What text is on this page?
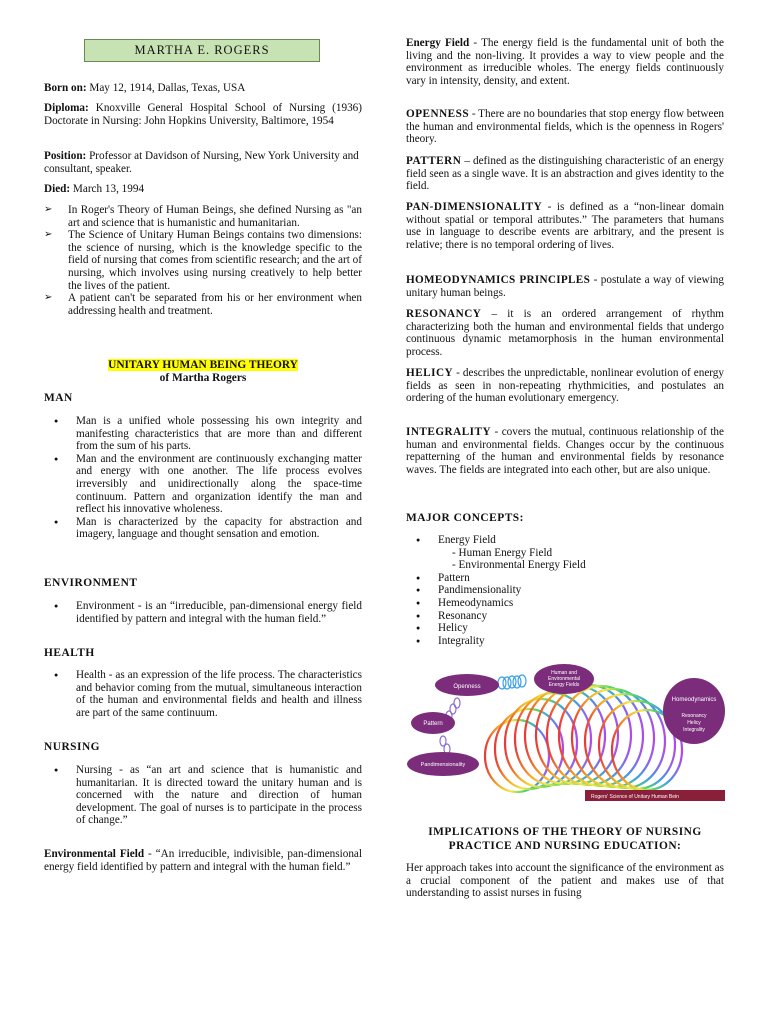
MARTHA E. ROGERS

Born on: May 12, 1914, Dallas, Texas, USA

Diploma: Knoxville General Hospital School of Nursing (1936) Doctorate in Nursing: John Hopkins University, Baltimore, 1954

Position: Professor at Davidson of Nursing, New York University and consultant, speaker.

Died: March 13, 1994

➢ In Roger's Theory of Human Beings, she defined Nursing as "an art and science that is humanistic and humanitarian.
➢ The Science of Unitary Human Beings contains two dimensions: the science of nursing, which is the knowledge specific to the field of nursing that comes from scientific research; and the art of nursing, which involves using nursing creatively to help better the lives of the patient.
➢ A patient can't be separated from his or her environment when addressing health and treatment.
UNITARY HUMAN BEING THEORY
of Martha Rogers
MAN
● Man is a unified whole possessing his own integrity and manifesting characteristics that are more than and different from the sum of his parts.
● Man and the environment are continuously exchanging matter and energy with one another. The life process evolves irreversibly and unidirectionally along the space-time continuum. Pattern and organization identify the man and reflect his innovative wholeness.
● Man is characterized by the capacity for abstraction and imagery, language and thought sensation and emotion.
ENVIRONMENT
● Environment - is an “irreducible, pan-dimensional energy field identified by pattern and integral with the human field.”
HEALTH
● Health - as an expression of the life process. The characteristics and behavior coming from the mutual, simultaneous interaction of the human and environmental fields and health and illness are part of the same continuum.
NURSING
● Nursing - as “an art and science that is humanistic and humanitarian. It is directed toward the unitary human and is concerned with the nature and direction of human development. The goal of nurses is to participate in the process of change.”

Environmental Field - “An irreducible, indivisible, pan-dimensional energy field identified by pattern and integral with the human field.”

Energy Field - The energy field is the fundamental unit of both the living and the non-living. It provides a way to view people and the environment as irreducible wholes. The energy fields continuously vary in intensity, density, and extent.

OPENNESS - There are no boundaries that stop energy flow between the human and environmental fields, which is the openness in Rogers' theory.

PATTERN – defined as the distinguishing characteristic of an energy field seen as a single wave. It is an abstraction and gives identity to the field.

PAN-DIMENSIONALITY - is defined as a “non-linear domain without spatial or temporal attributes.” The parameters that humans use in language to describe events are arbitrary, and the present is relative; there is no temporal ordering of lives.

HOMEODYNAMICS PRINCIPLES - postulate a way of viewing unitary human beings.

RESONANCY – it is an ordered arrangement of rhythm characterizing both the human and environmental fields that undergo continuous dynamic metamorphosis in the human environmental process.

HELICY - describes the unpredictable, nonlinear evolution of energy fields as seen in non-repeating rhythmicities, and postulates an ordering of the human evolutionary emergency.

INTEGRALITY - covers the mutual, continuous relationship of the human and environmental fields. Changes occur by the continuous repatterning of the human and environmental fields by resonance waves. The fields are integrated into each other, but are also unique.

MAJOR CONCEPTS:
● Energy Field
- Human Energy Field
- Environmental Energy Field
● Pattern
● Pandimensionality
● Hemeodynamics
● Resonancy
● Helicy
● Integrality
Openness
Human and
Environmental
Energy Fields
Pattern
Pandimensionality
Homeodynamics
Resonancy
Helicy
Integrality
Rogers' Science of Unitary Human Bein
IMPLICATIONS OF THE THEORY OF NURSING
PRACTICE AND NURSING EDUCATION:

Her approach takes into account the significance of the environment as a crucial component of the patient and makes use of that understanding to assist nurses in fusing
